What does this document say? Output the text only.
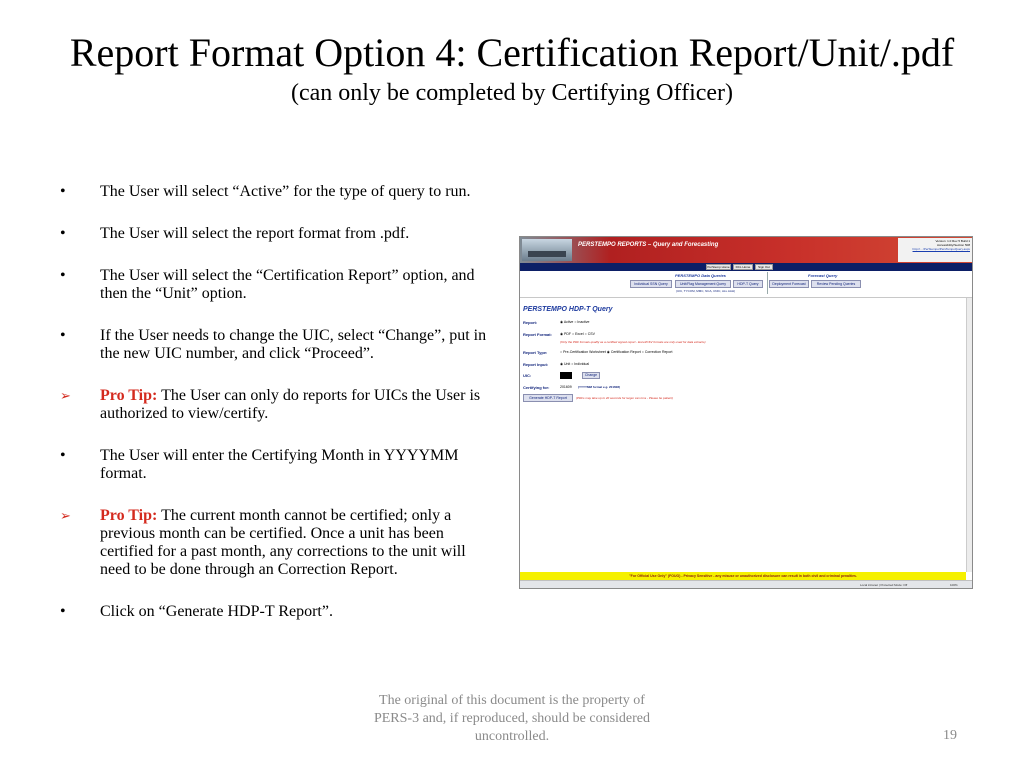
Report Format Option 4: Certification Report/Unit/.pdf
(can only be completed by Certifying Officer)
•	The User will select “Active” for the type of query to run.
•	The User will select the report format from .pdf.
•	The User will select the “Certification Report” option, and then the “Unit” option.
•	If the User needs to change the UIC, select “Change”, put in the new UIC number, and click “Proceed”.
➢	Pro Tip: The User can only do reports for UICs the User is authorized to view/certify.
•	The User will enter the Certifying Month in YYYYMM format.
➢	Pro Tip: The current month cannot be certified; only a previous month can be certified. Once a unit has been certified for a past month, any corrections to the unit will need to be done through an Correction Report.
•	Click on “Generate HDP-T Report”.
PERSTEMPO REPORTS – Query and Forecasting
Version: 1.0 Rev 5 Build 1
Accessibility/Section 508
http://…/PerStempo/PersTempoQuery.aspx
PerStemp Home	DCL Home	Sign Out
PERSTEMPO Data Queries	Forecast Query
Individual SSN Query	Unit/Flag Management Query	HDP-T Query	Deployment Forecast	Review Pending Queries
(UIC, TYCOM, MMC, NCA, CNIC, ALL AAH)
PERSTEMPO HDP-T Query
Report:	◉ Active ○ Inactive
Report Format: ◉ PDF ○ Excel ○ CSV
(Only the PDF formats qualify as a certified signed report - Excel/CSV formats are only used for data extracts)
Report Type:	○ Pre-Certification Worksheet ◉ Certification Report ○ Correction Report
Report Input:	◉ Unit ○ Individual
UIC:	Change
Certifying for:	201609 (YYYYMM format e.g. 201608)
Generate HDP-T Report	(PDFs may take up to 20 seconds for larger can tons - Please be patient)
"For Official Use Only" (FOUO) - Privacy Sensitive - any misuse or unauthorized disclosure can result in both civil and criminal penalties.
Local intranet | Protected Mode: Off	100%
The original of this document is the property of PERS-3 and, if reproduced, should be considered uncontrolled.	19
